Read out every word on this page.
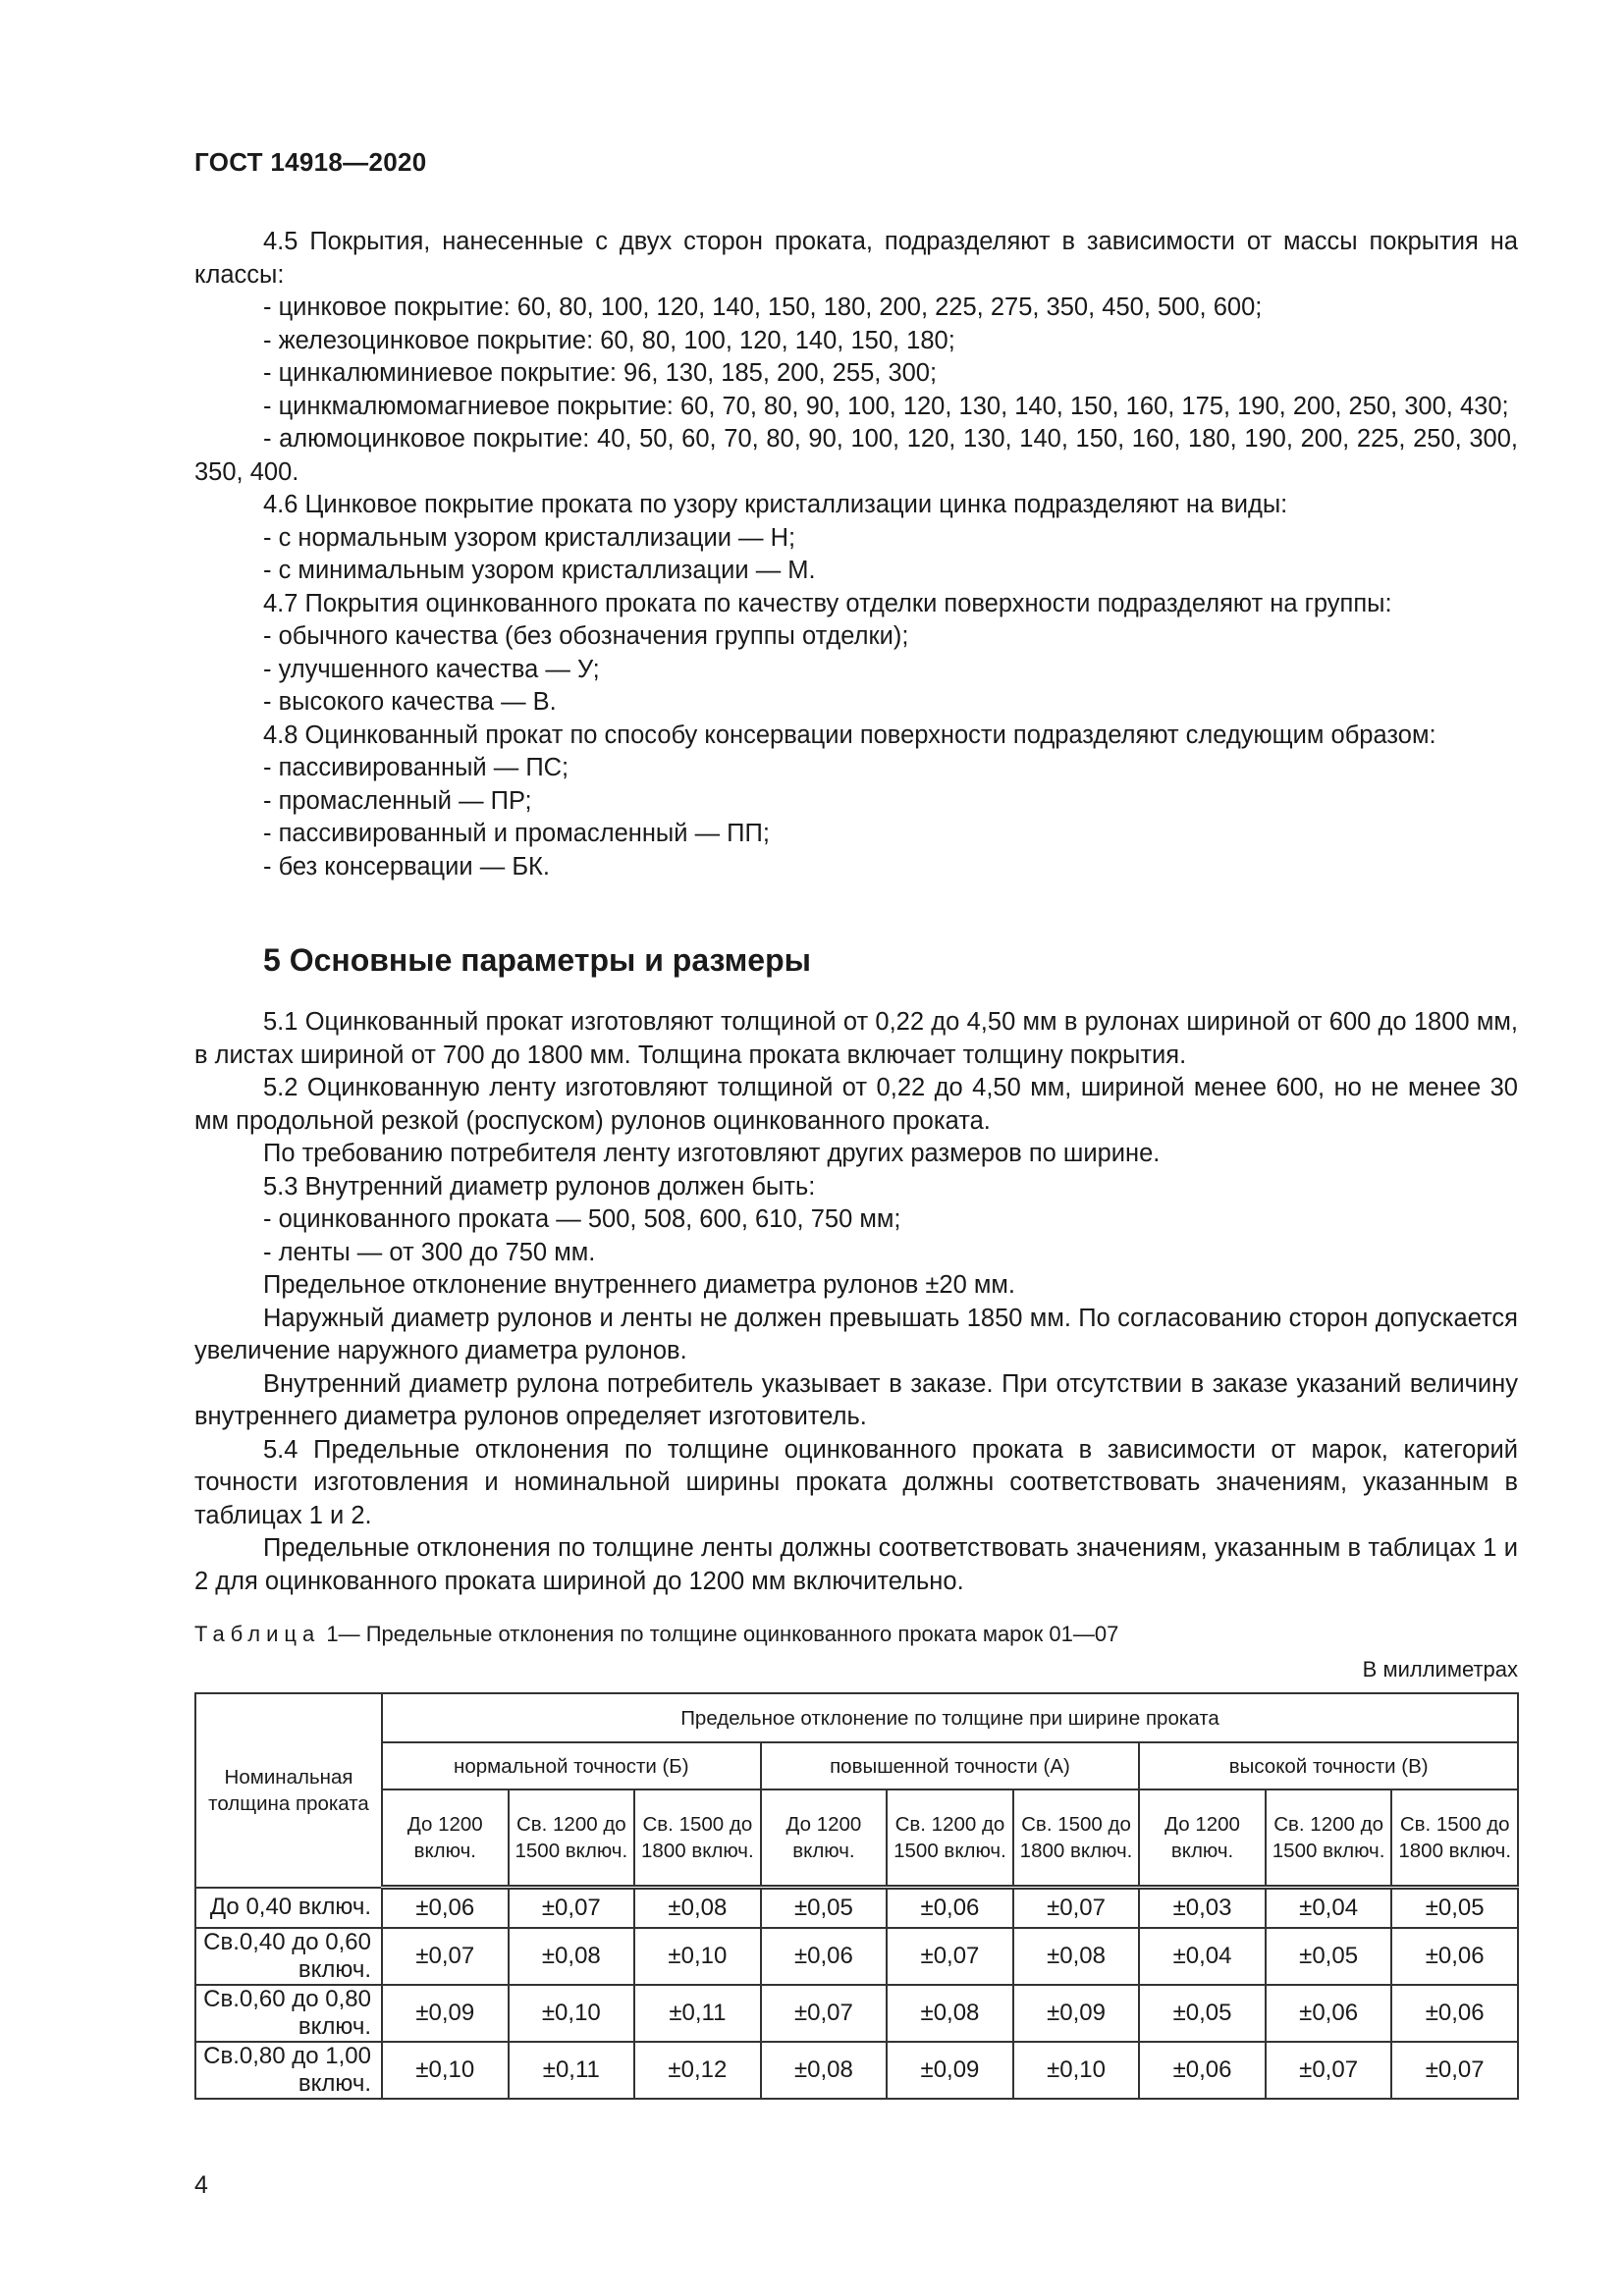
ГОСТ 14918—2020

4.5 Покрытия, нанесенные с двух сторон проката, подразделяют в зависимости от массы покрытия на классы:

- цинковое покрытие: 60, 80, 100, 120, 140, 150, 180, 200, 225, 275, 350, 450, 500, 600;

- железоцинковое покрытие: 60, 80, 100, 120, 140, 150, 180;

- цинкалюминиевое покрытие: 96, 130, 185, 200, 255, 300;

- цинкмалюмомагниевое покрытие: 60, 70, 80, 90, 100, 120, 130, 140, 150, 160, 175, 190, 200, 250, 300, 430;

- алюмоцинковое покрытие: 40, 50, 60, 70, 80, 90, 100, 120, 130, 140, 150, 160, 180, 190, 200, 225, 250, 300, 350, 400.

4.6 Цинковое покрытие проката по узору кристаллизации цинка подразделяют на виды:

- с нормальным узором кристаллизации — Н;

- с минимальным узором кристаллизации — М.

4.7 Покрытия оцинкованного проката по качеству отделки поверхности подразделяют на группы:

- обычного качества (без обозначения группы отделки);

- улучшенного качества — У;

- высокого качества — В.

4.8 Оцинкованный прокат по способу консервации поверхности подразделяют следующим образом:

- пассивированный — ПС;

- промасленный — ПР;

- пассивированный и промасленный — ПП;

- без консервации — БК.

5 Основные параметры и размеры

5.1 Оцинкованный прокат изготовляют толщиной от 0,22 до 4,50 мм в рулонах шириной от 600 до 1800 мм, в листах шириной от 700 до 1800 мм. Толщина проката включает толщину покрытия.

5.2 Оцинкованную ленту изготовляют толщиной от 0,22 до 4,50 мм, шириной менее 600, но не менее 30 мм продольной резкой (роспуском) рулонов оцинкованного проката.

По требованию потребителя ленту изготовляют других размеров по ширине.

5.3 Внутренний диаметр рулонов должен быть:

- оцинкованного проката — 500, 508, 600, 610, 750 мм;

- ленты — от 300 до 750 мм.

Предельное отклонение внутреннего диаметра рулонов ±20 мм.

Наружный диаметр рулонов и ленты не должен превышать 1850 мм. По согласованию сторон допускается увеличение наружного диаметра рулонов.

Внутренний диаметр рулона потребитель указывает в заказе. При отсутствии в заказе указаний величину внутреннего диаметра рулонов определяет изготовитель.

5.4 Предельные отклонения по толщине оцинкованного проката в зависимости от марок, категорий точности изготовления и номинальной ширины проката должны соответствовать значениям, указанным в таблицах 1 и 2.

Предельные отклонения по толщине ленты должны соответствовать значениям, указанным в таблицах 1 и 2 для оцинкованного проката шириной до 1200 мм включительно.

Таблица 1— Предельные отклонения по толщине оцинкованного проката марок 01—07
В миллиметрах
Номинальная толщина проката	Предельное отклонение по толщине при ширине проката								
	нормальной точности (Б)			повышенной точности (А)			высокой точности (В)		
	До 1200 включ.	Св. 1200 до 1500 включ.	Св. 1500 до 1800 включ.	До 1200 включ.	Св. 1200 до 1500 включ.	Св. 1500 до 1800 включ.	До 1200 включ.	Св. 1200 до 1500 включ.	Св. 1500 до 1800 включ.
До 0,40 включ.	±0,06	±0,07	±0,08	±0,05	±0,06	±0,07	±0,03	±0,04	±0,05
Св.0,40 до 0,60 включ.	±0,07	±0,08	±0,10	±0,06	±0,07	±0,08	±0,04	±0,05	±0,06
Св.0,60 до 0,80 включ.	±0,09	±0,10	±0,11	±0,07	±0,08	±0,09	±0,05	±0,06	±0,06
Св.0,80 до 1,00 включ.	±0,10	±0,11	±0,12	±0,08	±0,09	±0,10	±0,06	±0,07	±0,07
4
